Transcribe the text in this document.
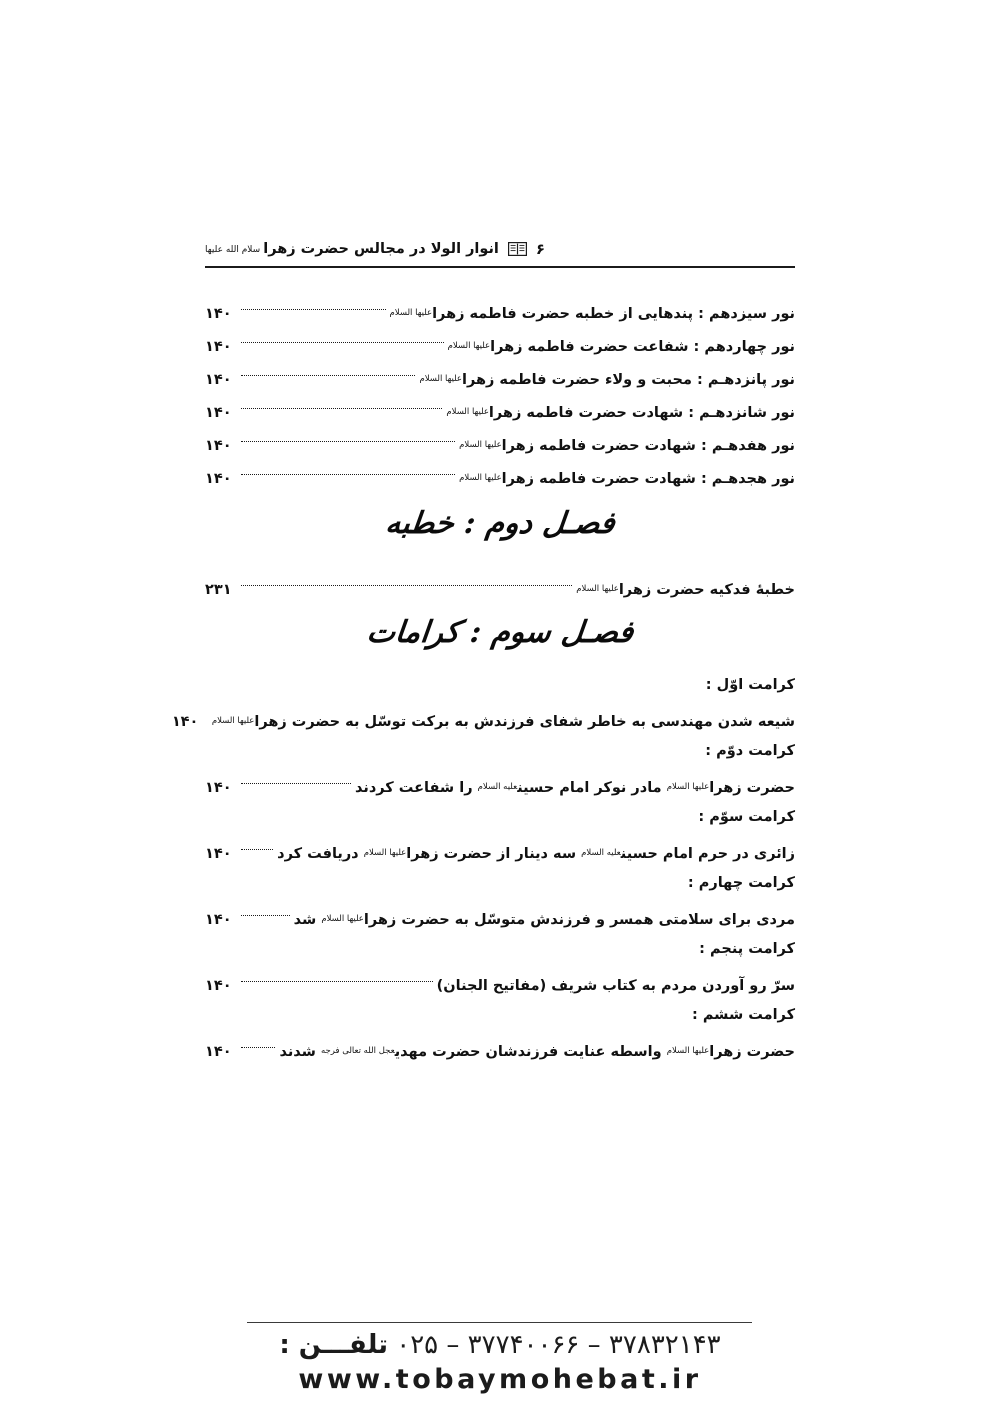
۶
انوار الولا در مجالس حضرت زهراسلام الله علیها
نور سیزدهم : پندهایی از خطبه حضرت فاطمه زهرا$^{علیها السلام}$
۱۴۰
نور چهاردهم : شفاعت حضرت فاطمه زهرا$^{علیها السلام}$
۱۴۰
نور پانزدهـم : محبت و ولاء حضرت فاطمه زهرا$^{علیها السلام}$
۱۴۰
نور شانزدهـم : شهادت حضرت فاطمه زهرا$^{علیها السلام}$
۱۴۰
نور هفدهـم : شهادت حضرت فاطمه زهرا$^{علیها السلام}$
۱۴۰
نور هجدهـم : شهادت حضرت فاطمه زهرا$^{علیها السلام}$
۱۴۰
فصـل دوم : خطبه
خطبۀ فدکیه حضرت زهرا$^{علیها السلام}$
۲۳۱
فصـل سوم : کرامات
کرامت اوّل :
شیعه شدن مهندسی به خاطر شفای فرزندش به برکت توسّل به حضرت زهرا$^{علیها السلام}$
۱۴۰
کرامت دوّم :
حضرت زهرا$^{علیها السلام}$ مادر نوکر امام حسین$^{علیه السلام}$ را شفاعت کردند
۱۴۰
کرامت سوّم :
زائری در حرم امام حسین$^{علیه السلام}$ سه دینار از حضرت زهرا$^{علیها السلام}$ دریافت کرد
۱۴۰
کرامت چهارم :
مردی برای سلامتی همسر و فرزندش متوسّل به حضرت زهرا$^{علیها السلام}$ شد
۱۴۰
کرامت پنجم :
سرّ رو آوردن مردم به کتاب شریف (مفاتیح الجنان)
۱۴۰
کرامت ششم :
حضرت زهرا$^{علیها السلام}$ واسطه عنایت فرزندشان حضرت مهدی$^{عجل الله تعالی فرجه}$ شدند
۱۴۰
۳۷۸۳۲۱۴۳ – ۳۷۷۴۰۰۶۶ – ۰۲۵ تلفـــن :
www.tobaymohebat.ir
